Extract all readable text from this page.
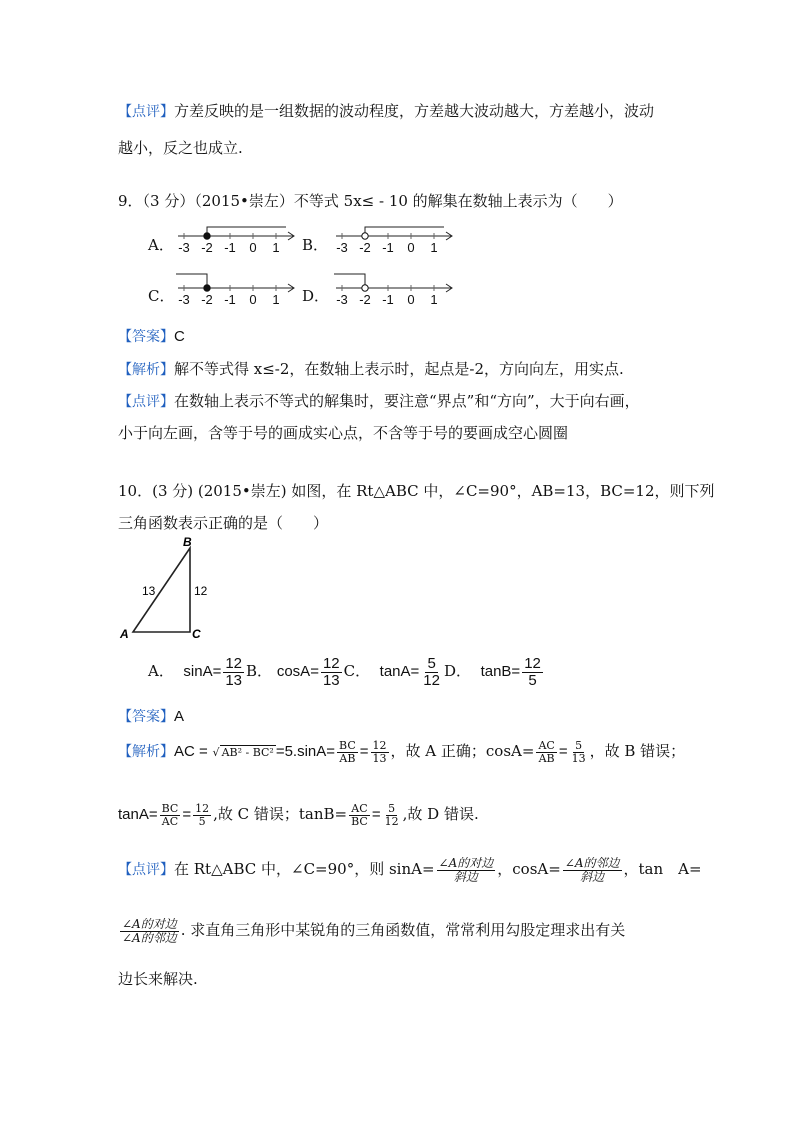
【点评】方差反映的是一组数据的波动程度，方差越大波动越大，方差越小，波动
越小，反之也成立.
9．（3 分）（2015•崇左）不等式 5x≤ - 10 的解集在数轴上表示为（　　）
A． -3 -2 -1 0 1 B． -3 -2 -1 0 1
C． -3 -2 -1 0 1 D． -3 -2 -1 0 1
【答案】C
【解析】解不等式得 x≤-2，在数轴上表示时，起点是-2，方向向左，用实点.
【点评】在数轴上表示不等式的解集时，要注意“界点”和“方向”，大于向右画，
小于向左画，含等于号的画成实心点，不含等于号的要画成空心圆圈
10．(3 分) (2015•崇左) 如图，在 Rt△ABC 中，∠C=90°，AB=13，BC=12，则下列
三角函数表示正确的是（　　）
B
A	C
13	12
A． $\sin A= \frac{12}{13}$ B． $\cos A= \frac{12}{13}$ C． $\tan A= \frac{5}{12}$ D． $\tan B= \frac{12}{5}$
【答案】A
【解析】AC = √ $AB^2 - BC^2 =5.\sin A= \frac{BC}{AB} = \frac{12}{13}$ ，故 A 正确；$\cos A= \frac{AC}{AB} = \frac{5}{13}$ ，故 B 错误；
$\tan A= \frac{BC}{AC} = \frac{12}{5}$ ,故 C 错误；$\tan B= \frac{AC}{BC} = \frac{5}{12}$ ,故 D 错误.
【点评】在 Rt△ABC 中，∠C=90°，则 $\sin A= \frac{\text{∠A的对边}}{\text{斜边}}$ ，$\cos A= \frac{\text{∠A的邻边}}{\text{斜边}}$ ，tan　A=
$\frac{\text{∠A的对边}}{\text{∠A的邻边}}$ . 求直角三角形中某锐角的三角函数值，常常利用勾股定理求出有关
边长来解决.
